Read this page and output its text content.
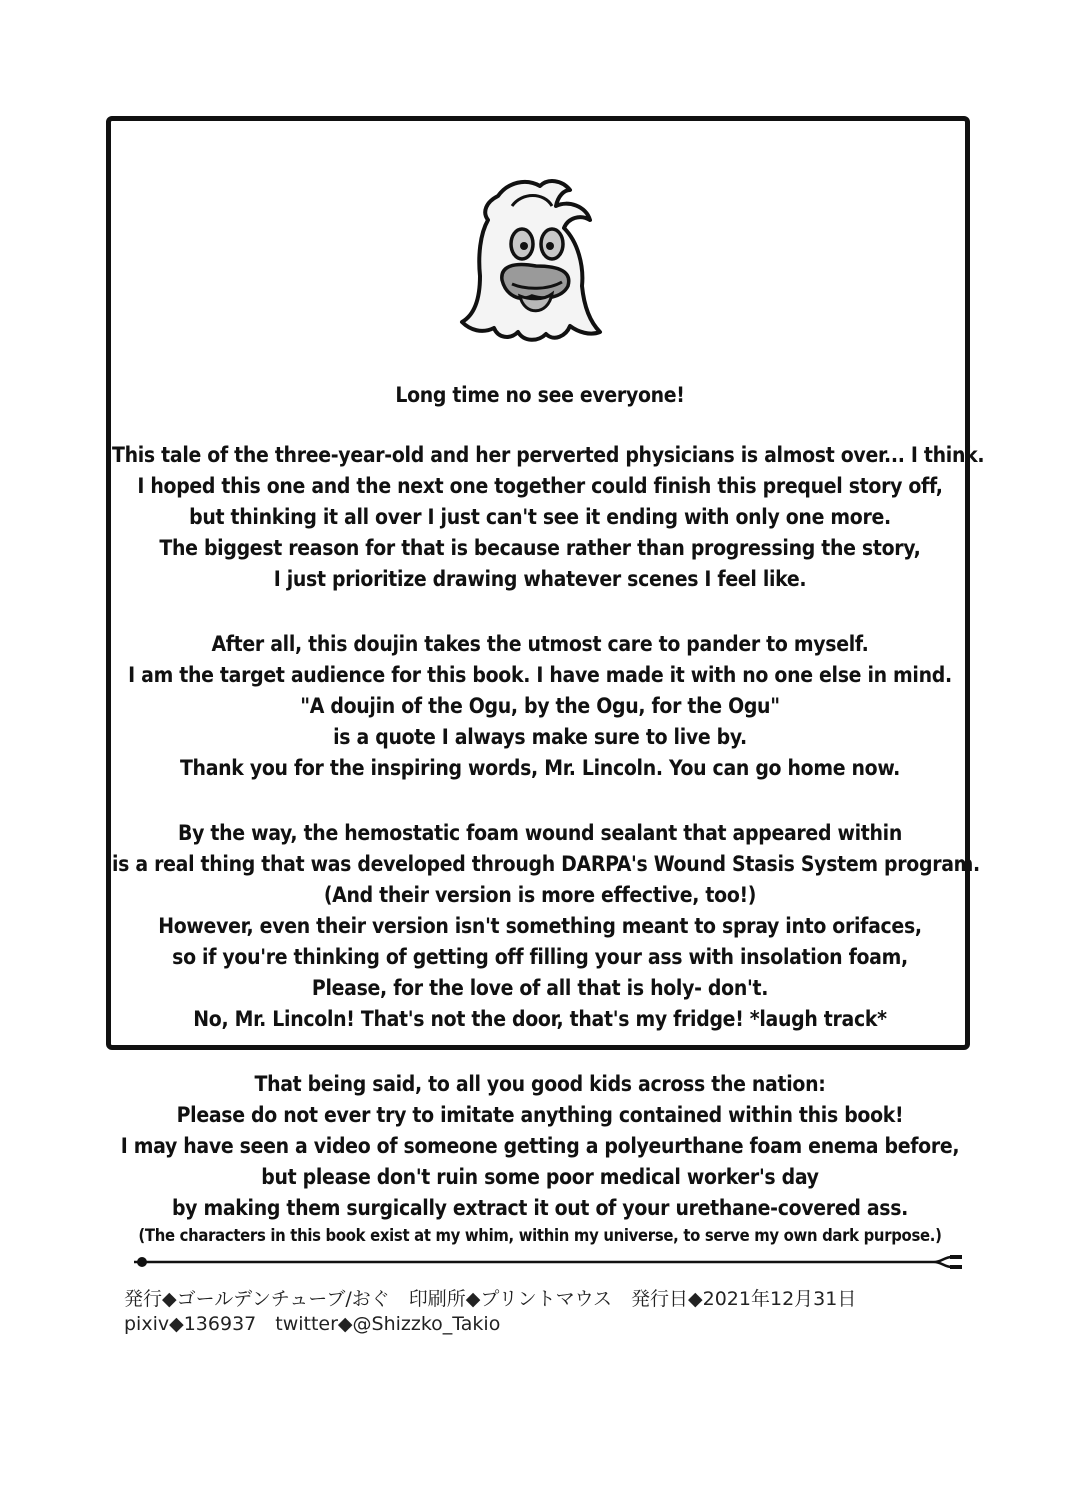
Long time no see everyone!

This tale of the three-year-old and her perverted physicians is almost over... I think.

I hoped this one and the next one together could finish this prequel story off,

but thinking it all over I just can't see it ending with only one more.

The biggest reason for that is because rather than progressing the story,

I just prioritize drawing whatever scenes I feel like.

After all, this doujin takes the utmost care to pander to myself.

I am the target audience for this book. I have made it with no one else in mind.

"A doujin of the Ogu, by the Ogu, for the Ogu"

is a quote I always make sure to live by.

Thank you for the inspiring words, Mr. Lincoln. You can go home now.

By the way, the hemostatic foam wound sealant that appeared within

is a real thing that was developed through DARPA's Wound Stasis System program.

(And their version is more effective, too!)

However, even their version isn't something meant to spray into orifaces,

so if you're thinking of getting off filling your ass with insolation foam,

Please, for the love of all that is holy- don't.

No, Mr. Lincoln! That's not the door, that's my fridge! *laugh track*

That being said, to all you good kids across the nation:

Please do not ever try to imitate anything contained within this book!

I may have seen a video of someone getting a polyeurthane foam enema before,

but please don't ruin some poor medical worker's day

by making them surgically extract it out of your urethane-covered ass.

(The characters in this book exist at my whim, within my universe, to serve my own dark purpose.)

発行◆ゴールデンチューブ/おぐ　印刷所◆プリントマウス　発行日◆2021年12月31日
pixiv◆136937　twitter◆@Shizzko_Takio
